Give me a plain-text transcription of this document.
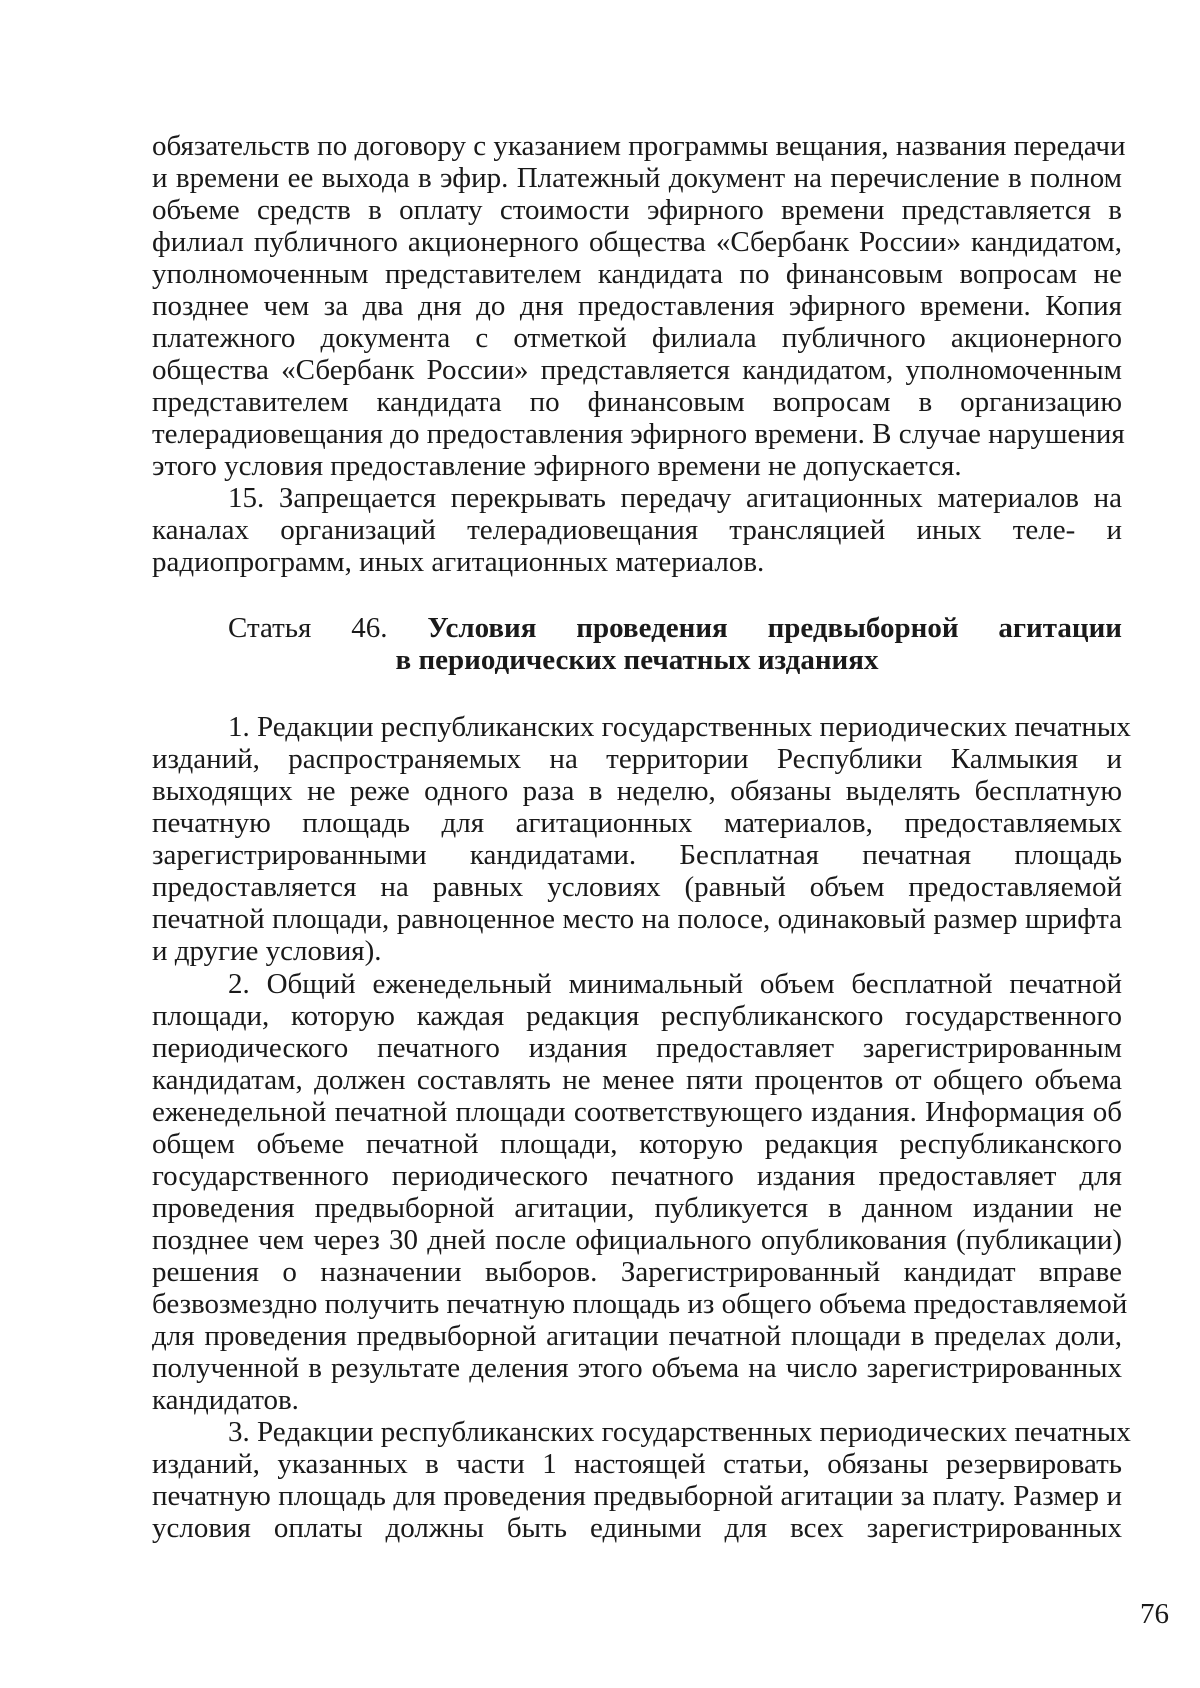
обязательств по договору с указанием программы вещания, названия передачи
и времени ее выхода в эфир. Платежный документ на перечисление в полном
объеме средств в оплату стоимости эфирного времени представляется в
филиал публичного акционерного общества «Сбербанк России» кандидатом,
уполномоченным представителем кандидата по финансовым вопросам не
позднее чем за два дня до дня предоставления эфирного времени. Копия
платежного документа с отметкой филиала публичного акционерного
общества «Сбербанк России» представляется кандидатом, уполномоченным
представителем кандидата по финансовым вопросам в организацию
телерадиовещания до предоставления эфирного времени. В случае нарушения
этого условия предоставление эфирного времени не допускается.
15. Запрещается перекрывать передачу агитационных материалов на
каналах организаций телерадиовещания трансляцией иных теле- и
радиопрограмм, иных агитационных материалов.
Статья 46. Условия проведения предвыборной агитации
в периодических печатных изданиях
1. Редакции республиканских государственных периодических печатных
изданий, распространяемых на территории Республики Калмыкия и
выходящих не реже одного раза в неделю, обязаны выделять бесплатную
печатную площадь для агитационных материалов, предоставляемых
зарегистрированными кандидатами. Бесплатная печатная площадь
предоставляется на равных условиях (равный объем предоставляемой
печатной площади, равноценное место на полосе, одинаковый размер шрифта
и другие условия).
2. Общий еженедельный минимальный объем бесплатной печатной
площади, которую каждая редакция республиканского государственного
периодического печатного издания предоставляет зарегистрированным
кандидатам, должен составлять не менее пяти процентов от общего объема
еженедельной печатной площади соответствующего издания. Информация об
общем объеме печатной площади, которую редакция республиканского
государственного периодического печатного издания предоставляет для
проведения предвыборной агитации, публикуется в данном издании не
позднее чем через 30 дней после официального опубликования (публикации)
решения о назначении выборов. Зарегистрированный кандидат вправе
безвозмездно получить печатную площадь из общего объема предоставляемой
для проведения предвыборной агитации печатной площади в пределах доли,
полученной в результате деления этого объема на число зарегистрированных
кандидатов.
3. Редакции республиканских государственных периодических печатных
изданий, указанных в части 1 настоящей статьи, обязаны резервировать
печатную площадь для проведения предвыборной агитации за плату. Размер и
условия оплаты должны быть едиными для всех зарегистрированных
76
